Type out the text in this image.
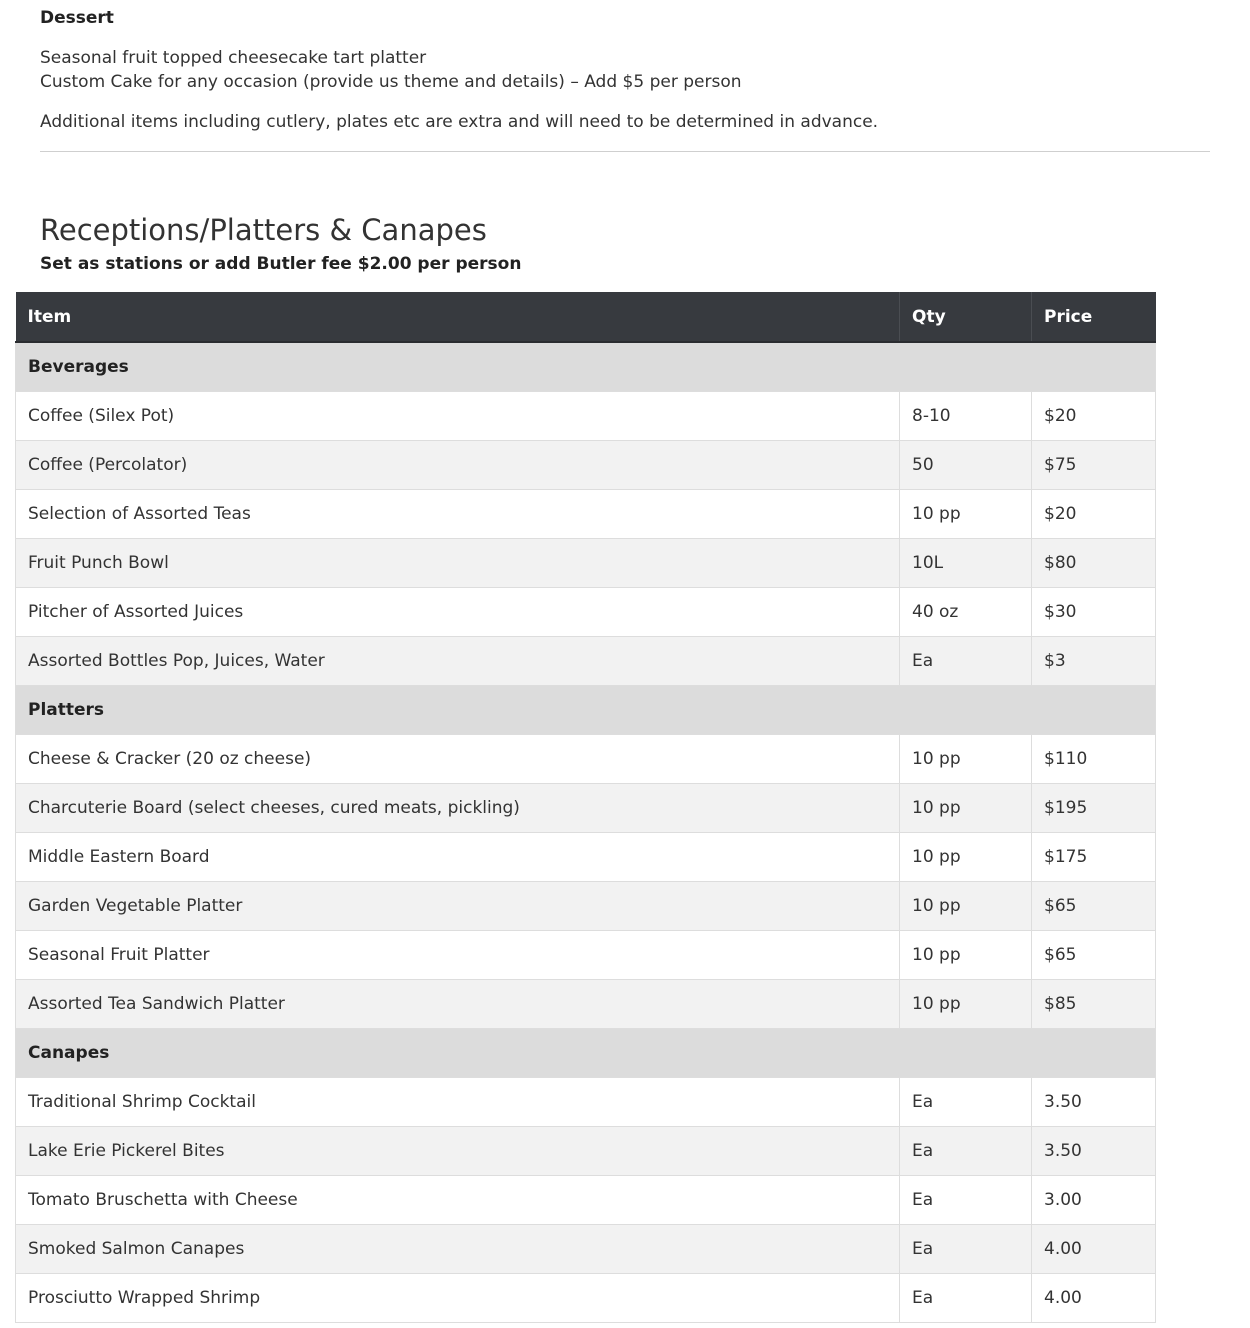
Dessert

Seasonal fruit topped cheesecake tart platter

Custom Cake for any occasion (provide us theme and details) – Add $5 per person

Additional items including cutlery, plates etc are extra and will need to be determined in advance.

Receptions/Platters & Canapes
Set as stations or add Butler fee $2.00 per person
Item	Qty	Price
Beverages		
Coffee (Silex Pot)	8-10	$20
Coffee (Percolator)	50	$75
Selection of Assorted Teas	10 pp	$20
Fruit Punch Bowl	10L	$80
Pitcher of Assorted Juices	40 oz	$30
Assorted Bottles Pop, Juices, Water	Ea	$3
Platters		
Cheese & Cracker (20 oz cheese)	10 pp	$110
Charcuterie Board (select cheeses, cured meats, pickling)	10 pp	$195
Middle Eastern Board	10 pp	$175
Garden Vegetable Platter	10 pp	$65
Seasonal Fruit Platter	10 pp	$65
Assorted Tea Sandwich Platter	10 pp	$85
Canapes		
Traditional Shrimp Cocktail	Ea	3.50
Lake Erie Pickerel Bites	Ea	3.50
Tomato Bruschetta with Cheese	Ea	3.00
Smoked Salmon Canapes	Ea	4.00
Prosciutto Wrapped Shrimp	Ea	4.00
